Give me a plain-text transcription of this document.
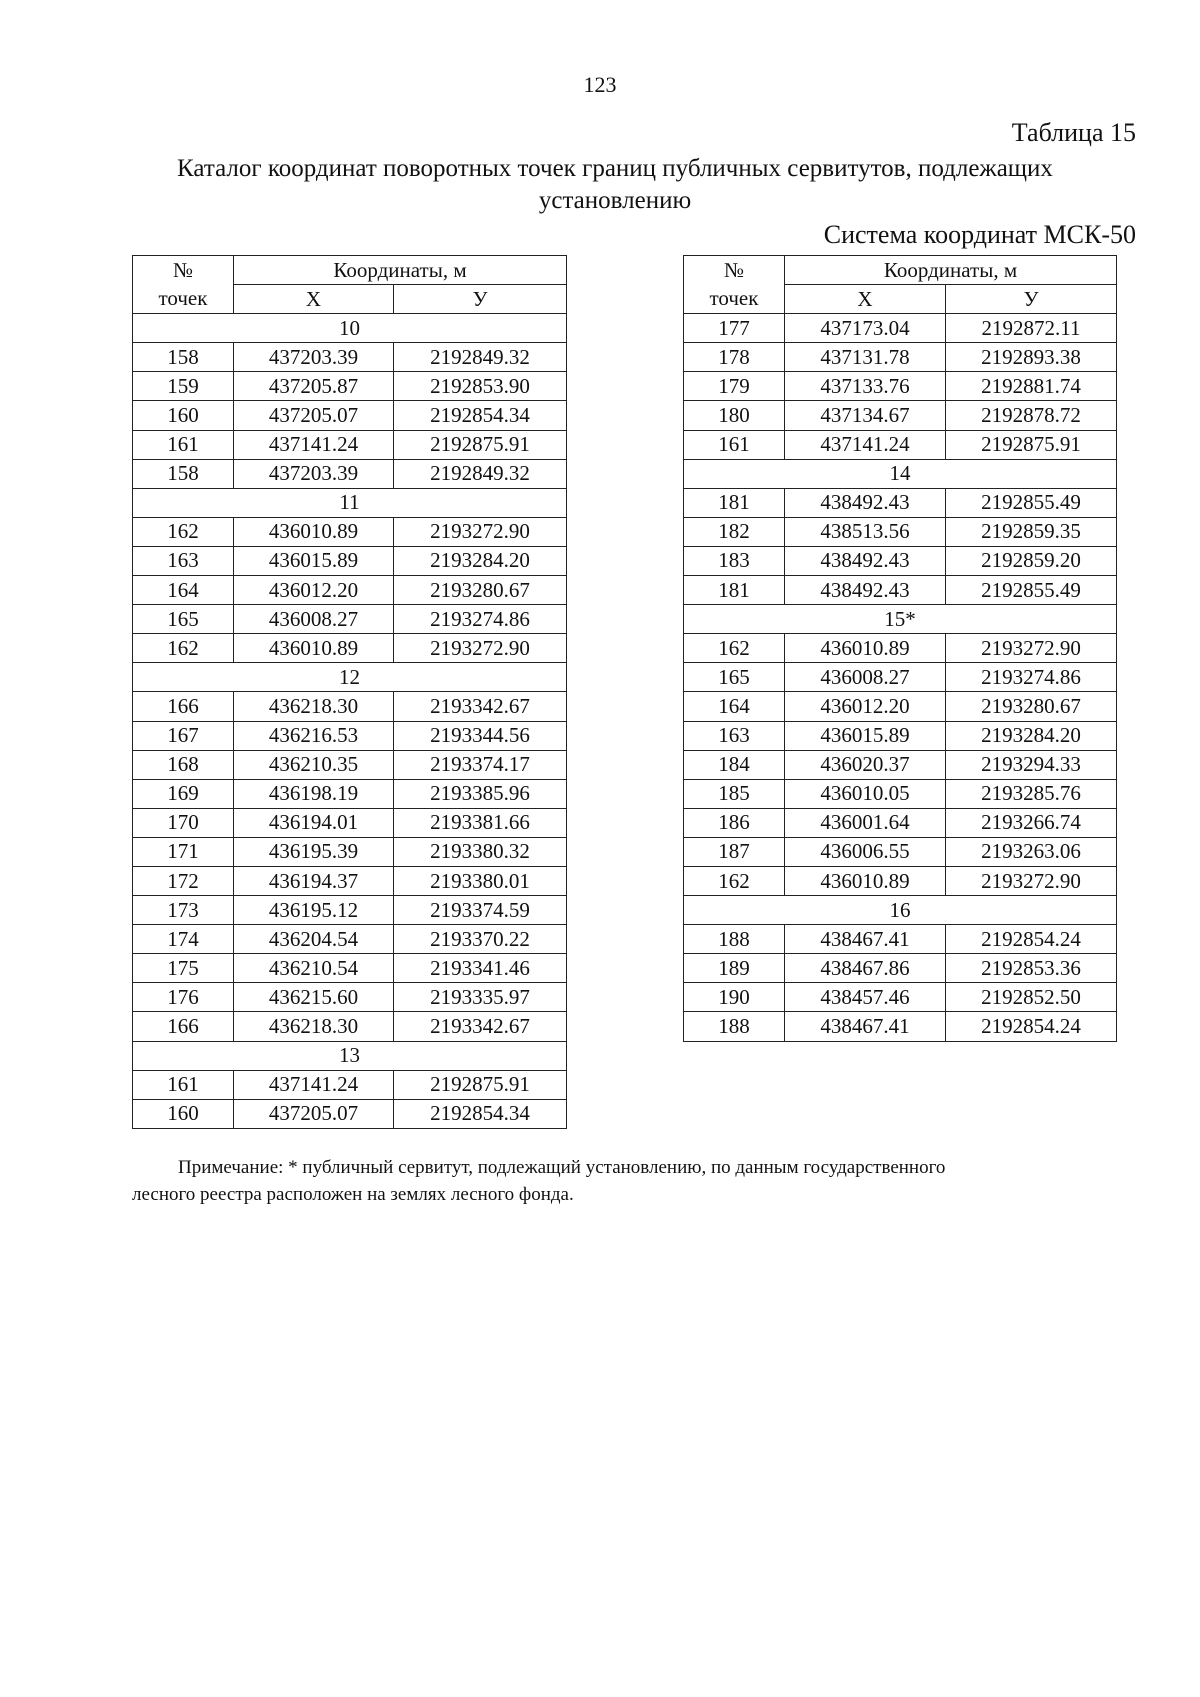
123
Таблица 15
Каталог координат поворотных точек границ публичных сервитутов, подлежащих установлению
Система координат МСК-50
№	Координаты, м	
точек	X	У
10		
158	437203.39	2192849.32
159	437205.87	2192853.90
160	437205.07	2192854.34
161	437141.24	2192875.91
158	437203.39	2192849.32
11		
162	436010.89	2193272.90
163	436015.89	2193284.20
164	436012.20	2193280.67
165	436008.27	2193274.86
162	436010.89	2193272.90
12		
166	436218.30	2193342.67
167	436216.53	2193344.56
168	436210.35	2193374.17
169	436198.19	2193385.96
170	436194.01	2193381.66
171	436195.39	2193380.32
172	436194.37	2193380.01
173	436195.12	2193374.59
174	436204.54	2193370.22
175	436210.54	2193341.46
176	436215.60	2193335.97
166	436218.30	2193342.67
13		
161	437141.24	2192875.91
160	437205.07	2192854.34
№	Координаты, м	
точек	X	У
177	437173.04	2192872.11
178	437131.78	2192893.38
179	437133.76	2192881.74
180	437134.67	2192878.72
161	437141.24	2192875.91
14		
181	438492.43	2192855.49
182	438513.56	2192859.35
183	438492.43	2192859.20
181	438492.43	2192855.49
15*		
162	436010.89	2193272.90
165	436008.27	2193274.86
164	436012.20	2193280.67
163	436015.89	2193284.20
184	436020.37	2193294.33
185	436010.05	2193285.76
186	436001.64	2193266.74
187	436006.55	2193263.06
162	436010.89	2193272.90
16		
188	438467.41	2192854.24
189	438467.86	2192853.36
190	438457.46	2192852.50
188	438467.41	2192854.24
Примечание: * публичный сервитут, подлежащий установлению, по данным государственного
лесного реестра расположен на землях лесного фонда.
